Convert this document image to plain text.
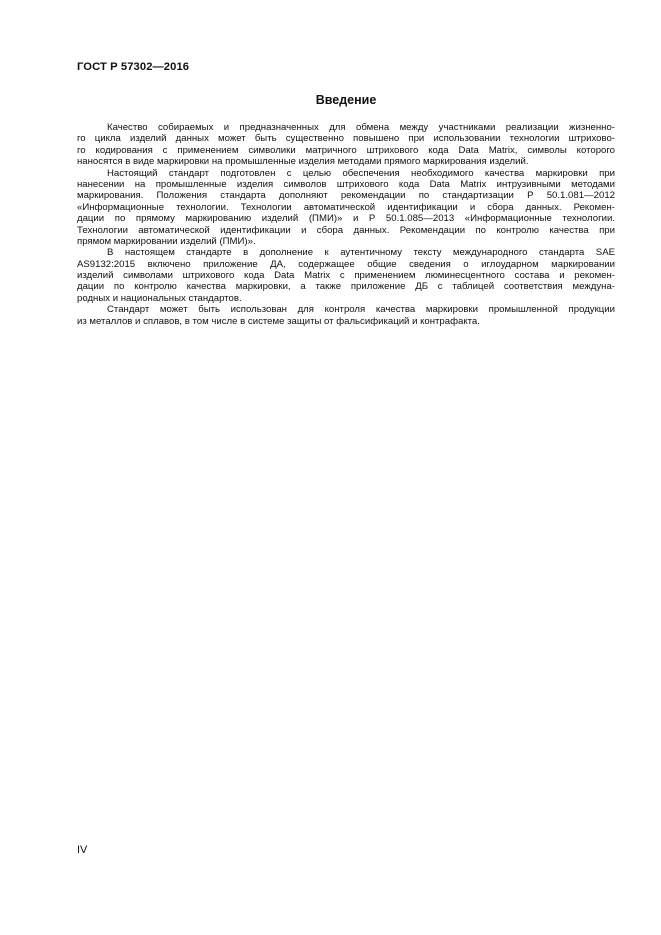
ГОСТ Р 57302—2016
Введение

Качество собираемых и предназначенных для обмена между участниками реализации жизненно-
го цикла изделий данных может быть существенно повышено при использовании технологии штрихово-
го кодирования с применением символики матричного штрихового кода Data Matrix, символы которого
наносятся в виде маркировки на промышленные изделия методами прямого маркирования изделий.

Настоящий стандарт подготовлен с целью обеспечения необходимого качества маркировки при
нанесении на промышленные изделия символов штрихового кода Data Matrix интрузивными методами
маркирования. Положения стандарта дополняют рекомендации по стандартизации Р 50.1.081—2012
«Информационные технологии. Технологии автоматической идентификации и сбора данных. Рекомен-
дации по прямому маркированию изделий (ПМИ)» и Р 50.1.085—2013 «Информационные технологии.
Технологии автоматической идентификации и сбора данных. Рекомендации по контролю качества при
прямом маркировании изделий (ПМИ)».

В настоящем стандарте в дополнение к аутентичному тексту международного стандарта SAE
AS9132:2015 включено приложение ДА, содержащее общие сведения о иглоударном маркировании
изделий символами штрихового кода Data Matrix с применением люминесцентного состава и рекомен-
дации по контролю качества маркировки, а также приложение ДБ с таблицей соответствия междуна-
родных и национальных стандартов.

Стандарт может быть использован для контроля качества маркировки промышленной продукции
из металлов и сплавов, в том числе в системе защиты от фальсификаций и контрафакта.

IV
